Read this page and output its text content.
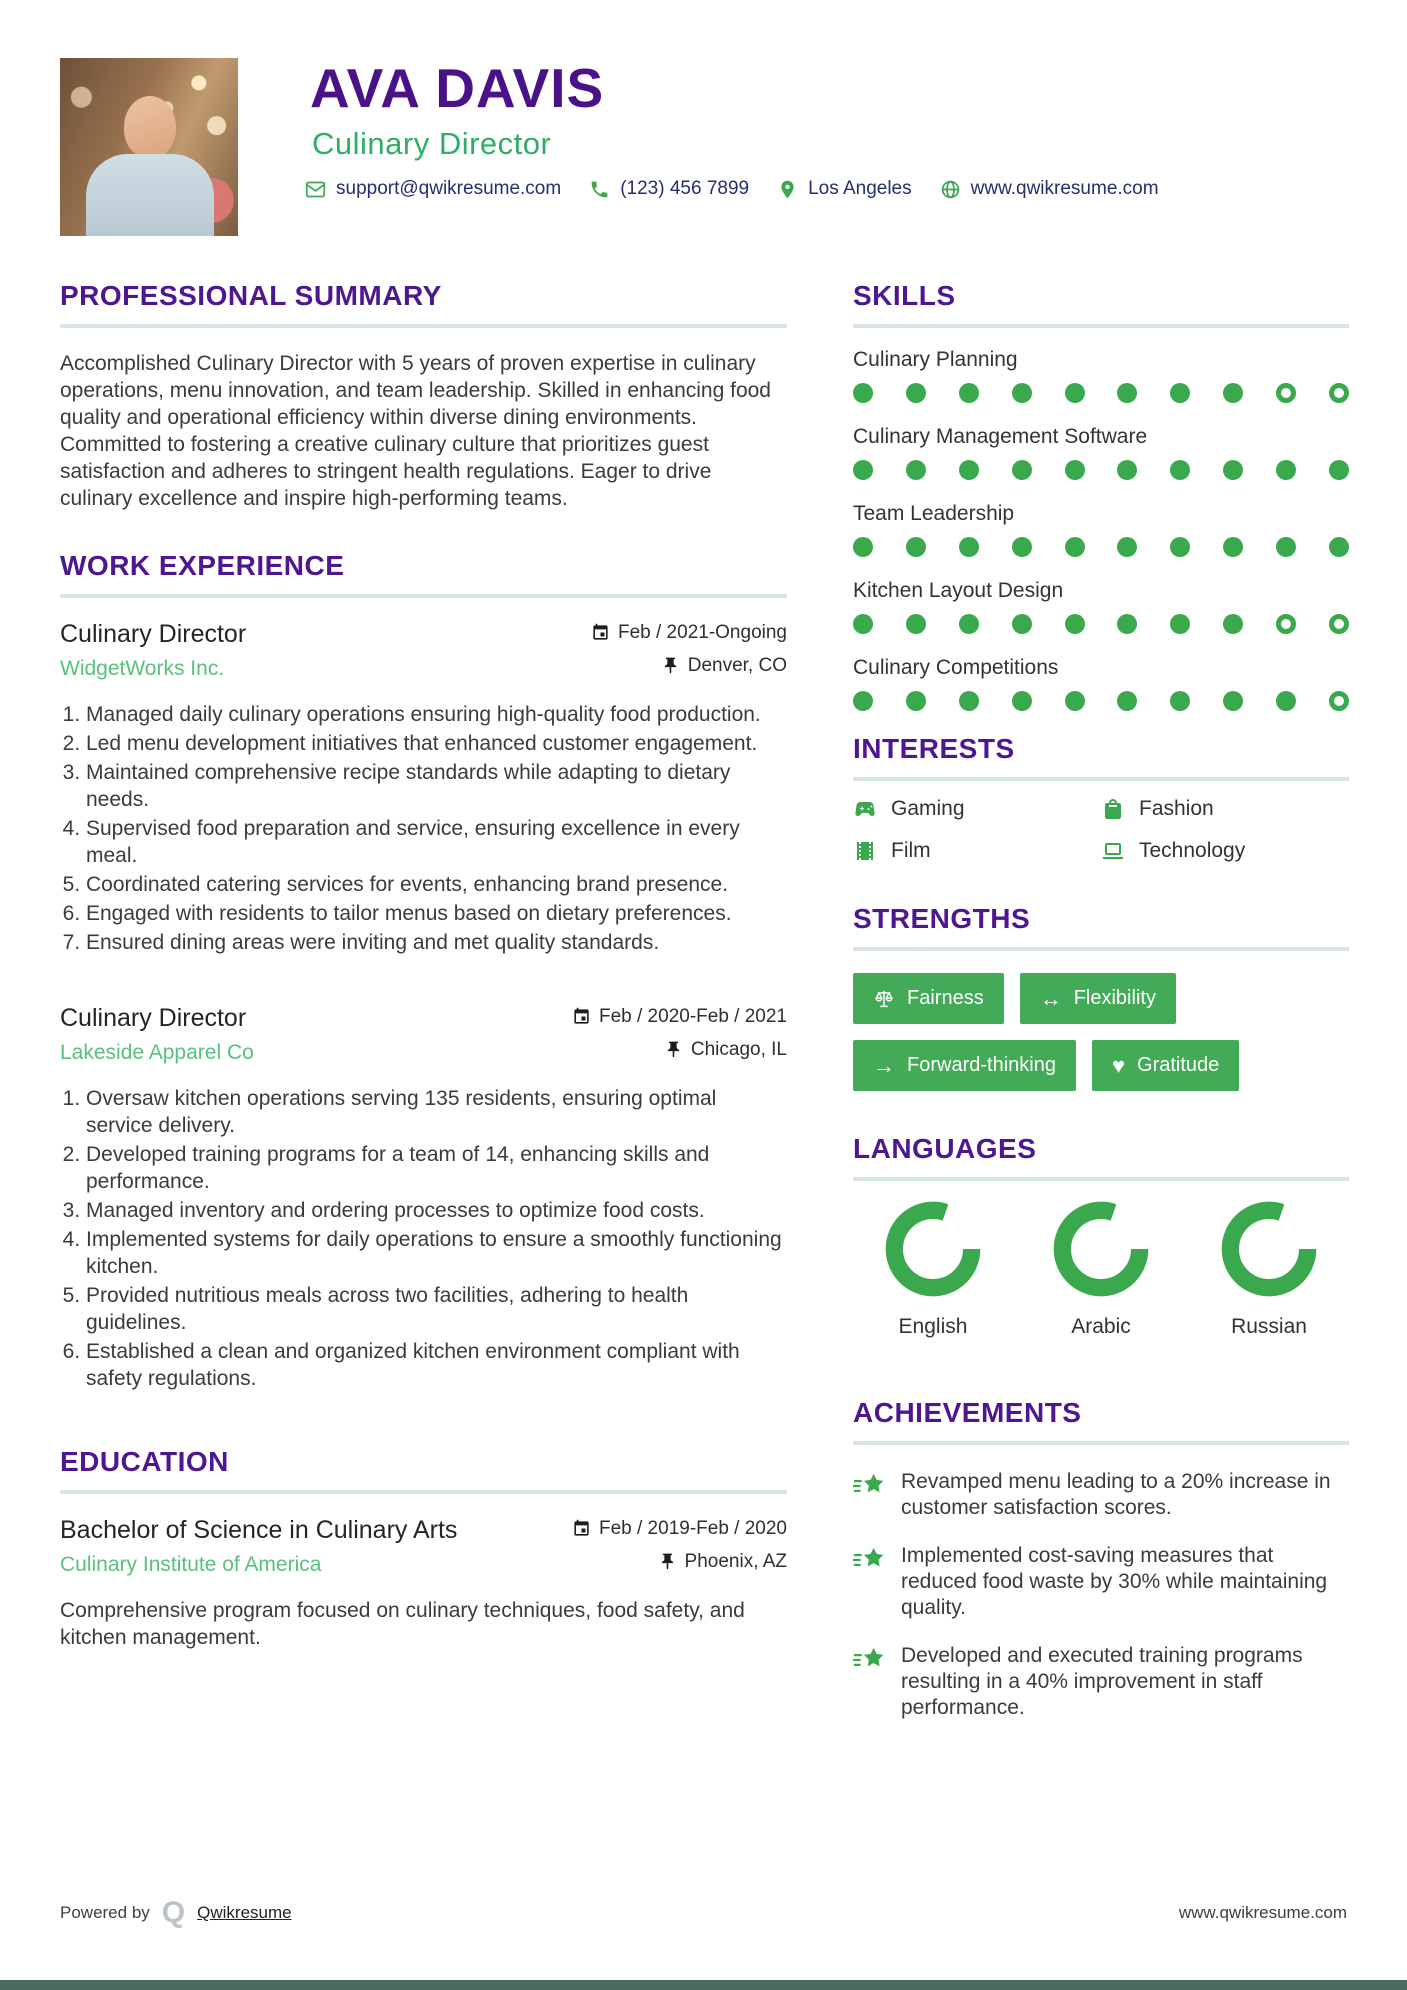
AVA DAVIS
Culinary Director
support@qwikresume.com	(123) 456 7899	Los Angeles	www.qwikresume.com
PROFESSIONAL SUMMARY

Accomplished Culinary Director with 5 years of proven expertise in culinary operations, menu innovation, and team leadership. Skilled in enhancing food quality and operational efficiency within diverse dining environments. Committed to fostering a creative culinary culture that prioritizes guest satisfaction and adheres to stringent health regulations. Eager to drive culinary excellence and inspire high-performing teams.

WORK EXPERIENCE
Culinary Director	Feb / 2021-Ongoing
WidgetWorks Inc.	Denver, CO
1. Managed daily culinary operations ensuring high-quality food production.
2. Led menu development initiatives that enhanced customer engagement.
3. Maintained comprehensive recipe standards while adapting to dietary needs.
4. Supervised food preparation and service, ensuring excellence in every meal.
5. Coordinated catering services for events, enhancing brand presence.
6. Engaged with residents to tailor menus based on dietary preferences.
7. Ensured dining areas were inviting and met quality standards.
Culinary Director	Feb / 2020-Feb / 2021
Lakeside Apparel Co	Chicago, IL
1. Oversaw kitchen operations serving 135 residents, ensuring optimal service delivery.
2. Developed training programs for a team of 14, enhancing skills and performance.
3. Managed inventory and ordering processes to optimize food costs.
4. Implemented systems for daily operations to ensure a smoothly functioning kitchen.
5. Provided nutritious meals across two facilities, adhering to health guidelines.
6. Established a clean and organized kitchen environment compliant with safety regulations.
EDUCATION
Bachelor of Science in Culinary Arts	Feb / 2019-Feb / 2020
Culinary Institute of America	Phoenix, AZ

Comprehensive program focused on culinary techniques, food safety, and kitchen management.

SKILLS
Culinary Planning
Culinary Management Software
Team Leadership
Kitchen Layout Design
Culinary Competitions
INTERESTS
Gaming	Fashion
Film	Technology
STRENGTHS
Fairness	↔ Flexibility
→ Forward-thinking	♥ Gratitude
LANGUAGES
English	Arabic	Russian
ACHIEVEMENTS

Revamped menu leading to a 20% increase in customer satisfaction scores.

Implemented cost-saving measures that reduced food waste by 30% while maintaining quality.

Developed and executed training programs resulting in a 40% improvement in staff performance.

Powered by Q Qwikresume	www.qwikresume.com
